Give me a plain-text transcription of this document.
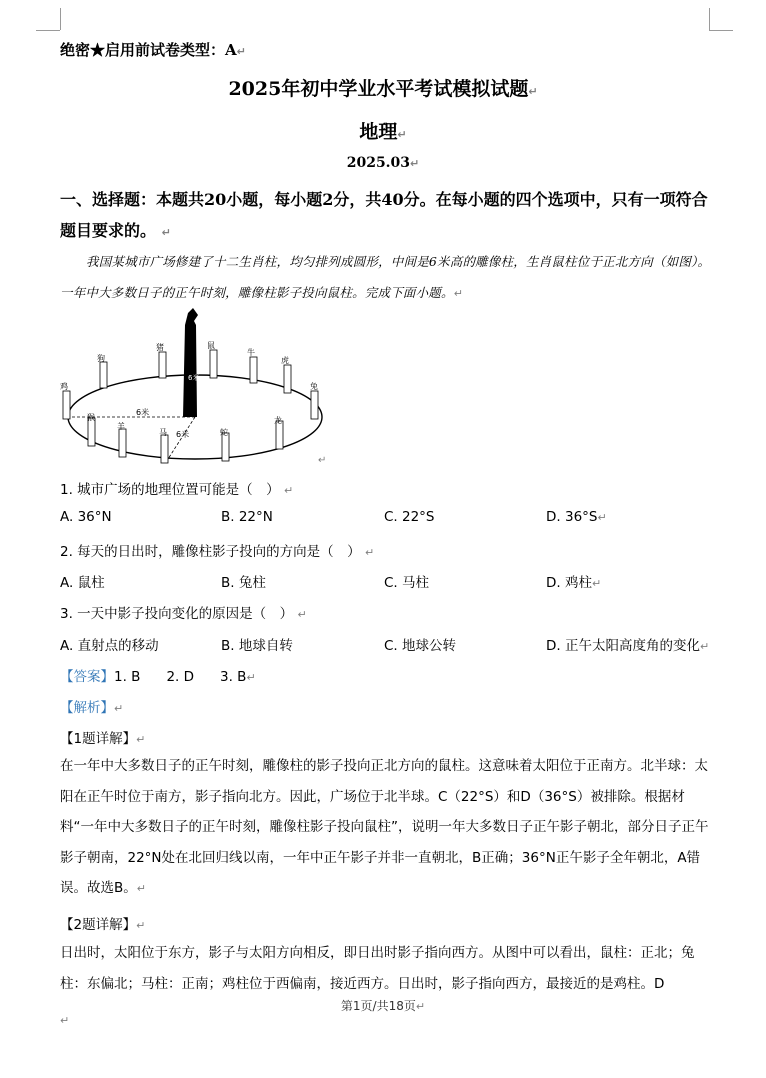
绝密★启用前试卷类型：A↵
2025年初中学业水平考试模拟试题↵
地理↵
2025.03↵
一、选择题：本题共20小题，每小题2分，共40分。在每小题的四个选项中，只有一项符合题目要求的。 ↵
我国某城市广场修建了十二生肖柱，均匀排列成圆形，中间是6米高的雕像柱，生肖鼠柱位于正北方向（如图）。一年中大多数日子的正午时刻，雕像柱影子投向鼠柱。完成下面小题。↵
狗
猪	鼠
牛
虎
鸡	兔
猴	龙
羊
马	蛇
6米
6米
6米
↵
1. 城市广场的地理位置可能是（　） ↵
A. 36°N	B. 22°N	C. 22°S	D. 36°S↵
2. 每天的日出时，雕像柱影子投向的方向是（　） ↵
A. 鼠柱	B. 兔柱	C. 马柱	D. 鸡柱↵
3. 一天中影子投向变化的原因是（　） ↵
A. 直射点的移动	B. 地球自转	C. 地球公转	D. 正午太阳高度角的变化↵
【答案】1. B 2. D 3. B↵
【解析】↵
【1题详解】↵
在一年中大多数日子的正午时刻，雕像柱的影子投向正北方向的鼠柱。这意味着太阳位于正南方。北半球：太阳在正午时位于南方，影子指向北方。因此，广场位于北半球。C（22°S）和D（36°S）被排除。根据材料“一年中大多数日子的正午时刻，雕像柱影子投向鼠柱”，说明一年大多数日子正午影子朝北，部分日子正午影子朝南，22°N处在北回归线以南，一年中正午影子并非一直朝北，B正确；36°N正午影子全年朝北，A错误。故选B。↵
【2题详解】↵
日出时，太阳位于东方，影子与太阳方向相反，即日出时影子指向西方。从图中可以看出，鼠柱：正北；兔柱：东偏北；马柱：正南；鸡柱位于西偏南，接近西方。日出时，影子指向西方，最接近的是鸡柱。D
第1页/共18页↵
↵
